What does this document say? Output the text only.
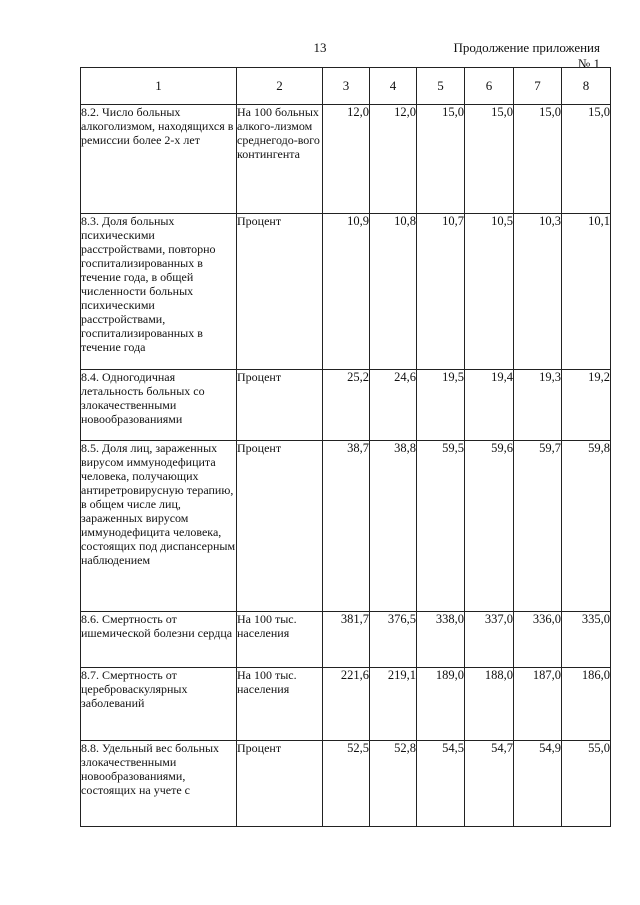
13	Продолжение приложения № 1
1	2	3	4	5	6	7	8
8.2. Число больных алкоголизмом, находящихся в ремиссии более 2-х лет	На 100 больных алкого-лизмом среднегодо-вого контингента	12,0	12,0	15,0	15,0	15,0	15,0
8.3. Доля больных психическими расстройствами, повторно госпитализированных в течение года, в общей численности больных психическими расстройствами, госпитализированных в течение года	Процент	10,9	10,8	10,7	10,5	10,3	10,1
8.4. Одногодичная летальность больных со злокачественными новообразованиями	Процент	25,2	24,6	19,5	19,4	19,3	19,2
8.5. Доля лиц, зараженных вирусом иммунодефицита человека, получающих антиретровирусную терапию, в общем числе лиц, зараженных вирусом иммунодефицита человека, состоящих под диспансерным наблюдением	Процент	38,7	38,8	59,5	59,6	59,7	59,8
8.6. Смертность от ишемической болезни сердца	На 100 тыс. населения	381,7	376,5	338,0	337,0	336,0	335,0
8.7. Смертность от цереброваскулярных заболеваний	На 100 тыс. населения	221,6	219,1	189,0	188,0	187,0	186,0
8.8. Удельный вес больных злокачественными новообразованиями, состоящих на учете с	Процент	52,5	52,8	54,5	54,7	54,9	55,0
